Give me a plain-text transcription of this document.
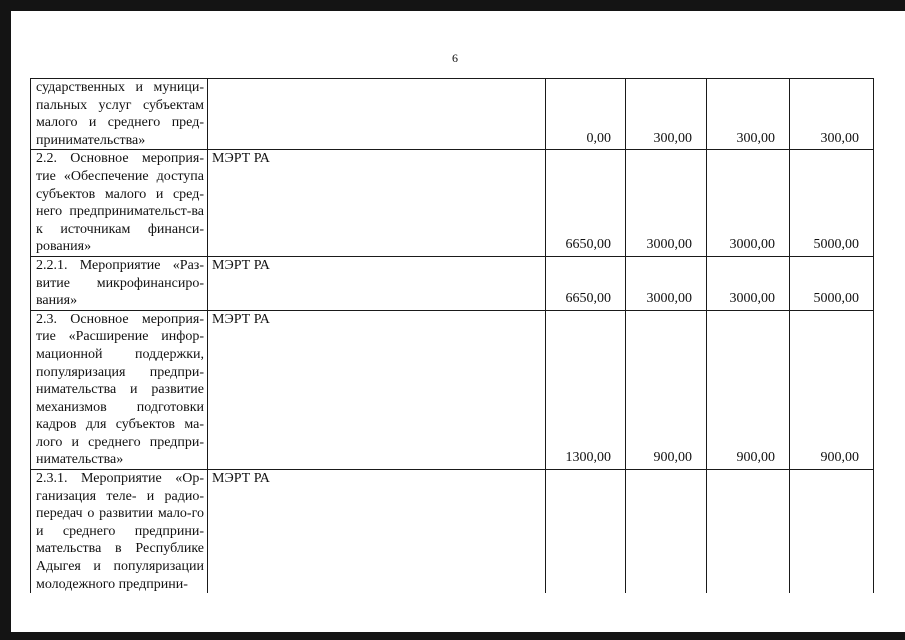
6
сударственных и муници-пальных услуг субъектам малого и среднего пред-принимательства»		0,00	300,00	300,00	300,00
2.2. Основное мероприя-тие «Обеспечение доступа субъектов малого и сред-него предпринимательст-ва к источникам финанси-рования»	МЭРТ РА	6650,00	3000,00	3000,00	5000,00
2.2.1. Мероприятие «Раз-витие микрофинансиро-вания»	МЭРТ РА	6650,00	3000,00	3000,00	5000,00
2.3. Основное мероприя-тие «Расширение инфор-мационной поддержки, популяризация предпри-нимательства и развитие механизмов подготовки кадров для субъектов ма-лого и среднего предпри-нимательства»	МЭРТ РА	1300,00	900,00	900,00	900,00
2.3.1. Мероприятие «Ор-ганизация теле- и радио-передач о развитии мало-го и среднего предприни-мательства в Республике Адыгея и популяризации молодежного предприни-	МЭРТ РА				
